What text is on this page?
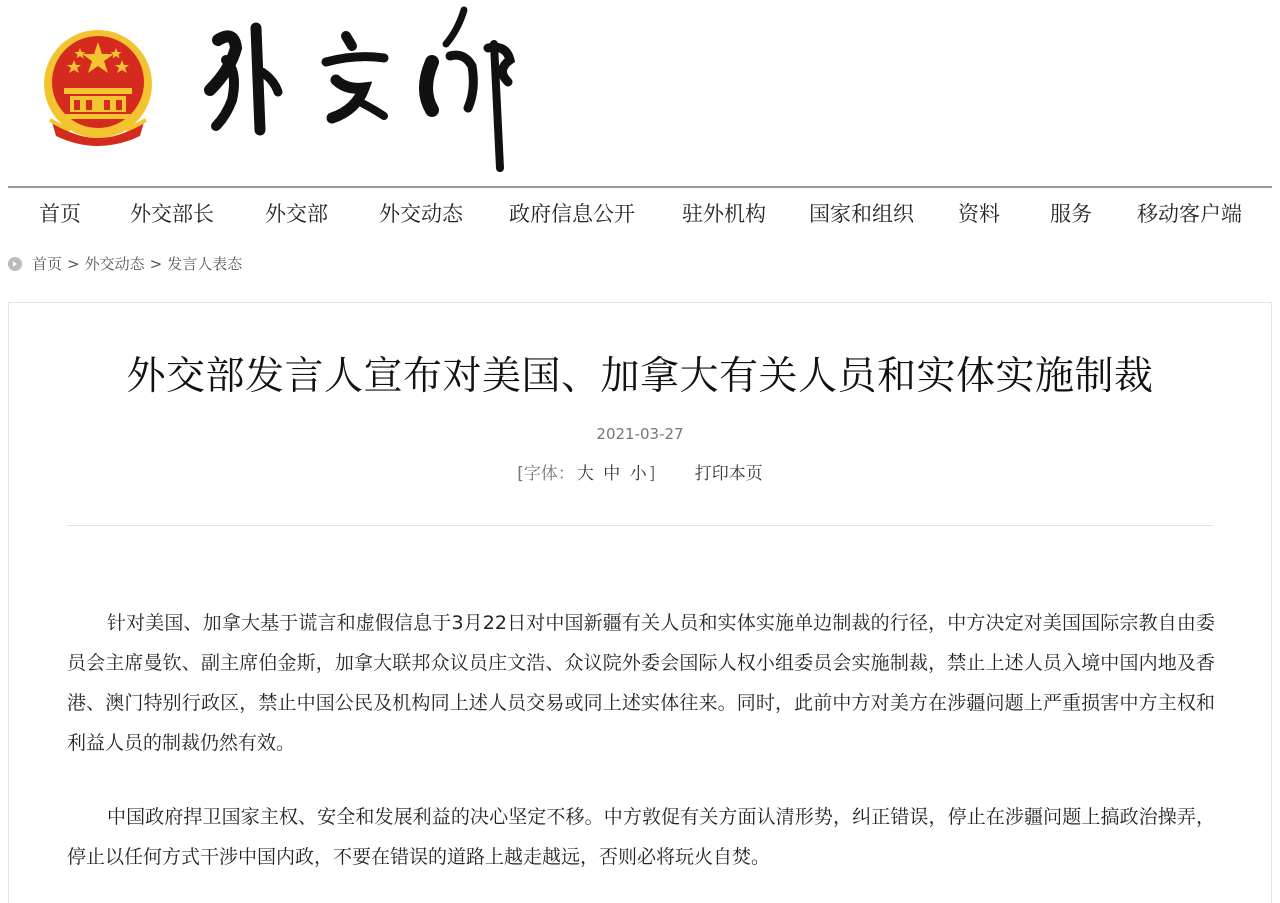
首页 外交部长 外交部 外交动态 政府信息公开 驻外机构 国家和组织 资料 服务 移动客户端
首页 > 外交动态 > 发言人表态
外交部发言人宣布对美国、加拿大有关人员和实体实施制裁
2021-03-27
[字体： 大 中 小 ] 打印本页

针对美国、加拿大基于谎言和虚假信息于3月22日对中国新疆有关人员和实体实施单边制裁的行径，中方决定对美国国际宗教自由委员会主席曼钦、副主席伯金斯，加拿大联邦众议员庄文浩、众议院外委会国际人权小组委员会实施制裁，禁止上述人员入境中国内地及香港、澳门特别行政区，禁止中国公民及机构同上述人员交易或同上述实体往来。同时，此前中方对美方在涉疆问题上严重损害中方主权和利益人员的制裁仍然有效。

中国政府捍卫国家主权、安全和发展利益的决心坚定不移。中方敦促有关方面认清形势，纠正错误，停止在涉疆问题上搞政治操弄，停止以任何方式干涉中国内政，不要在错误的道路上越走越远，否则必将玩火自焚。
